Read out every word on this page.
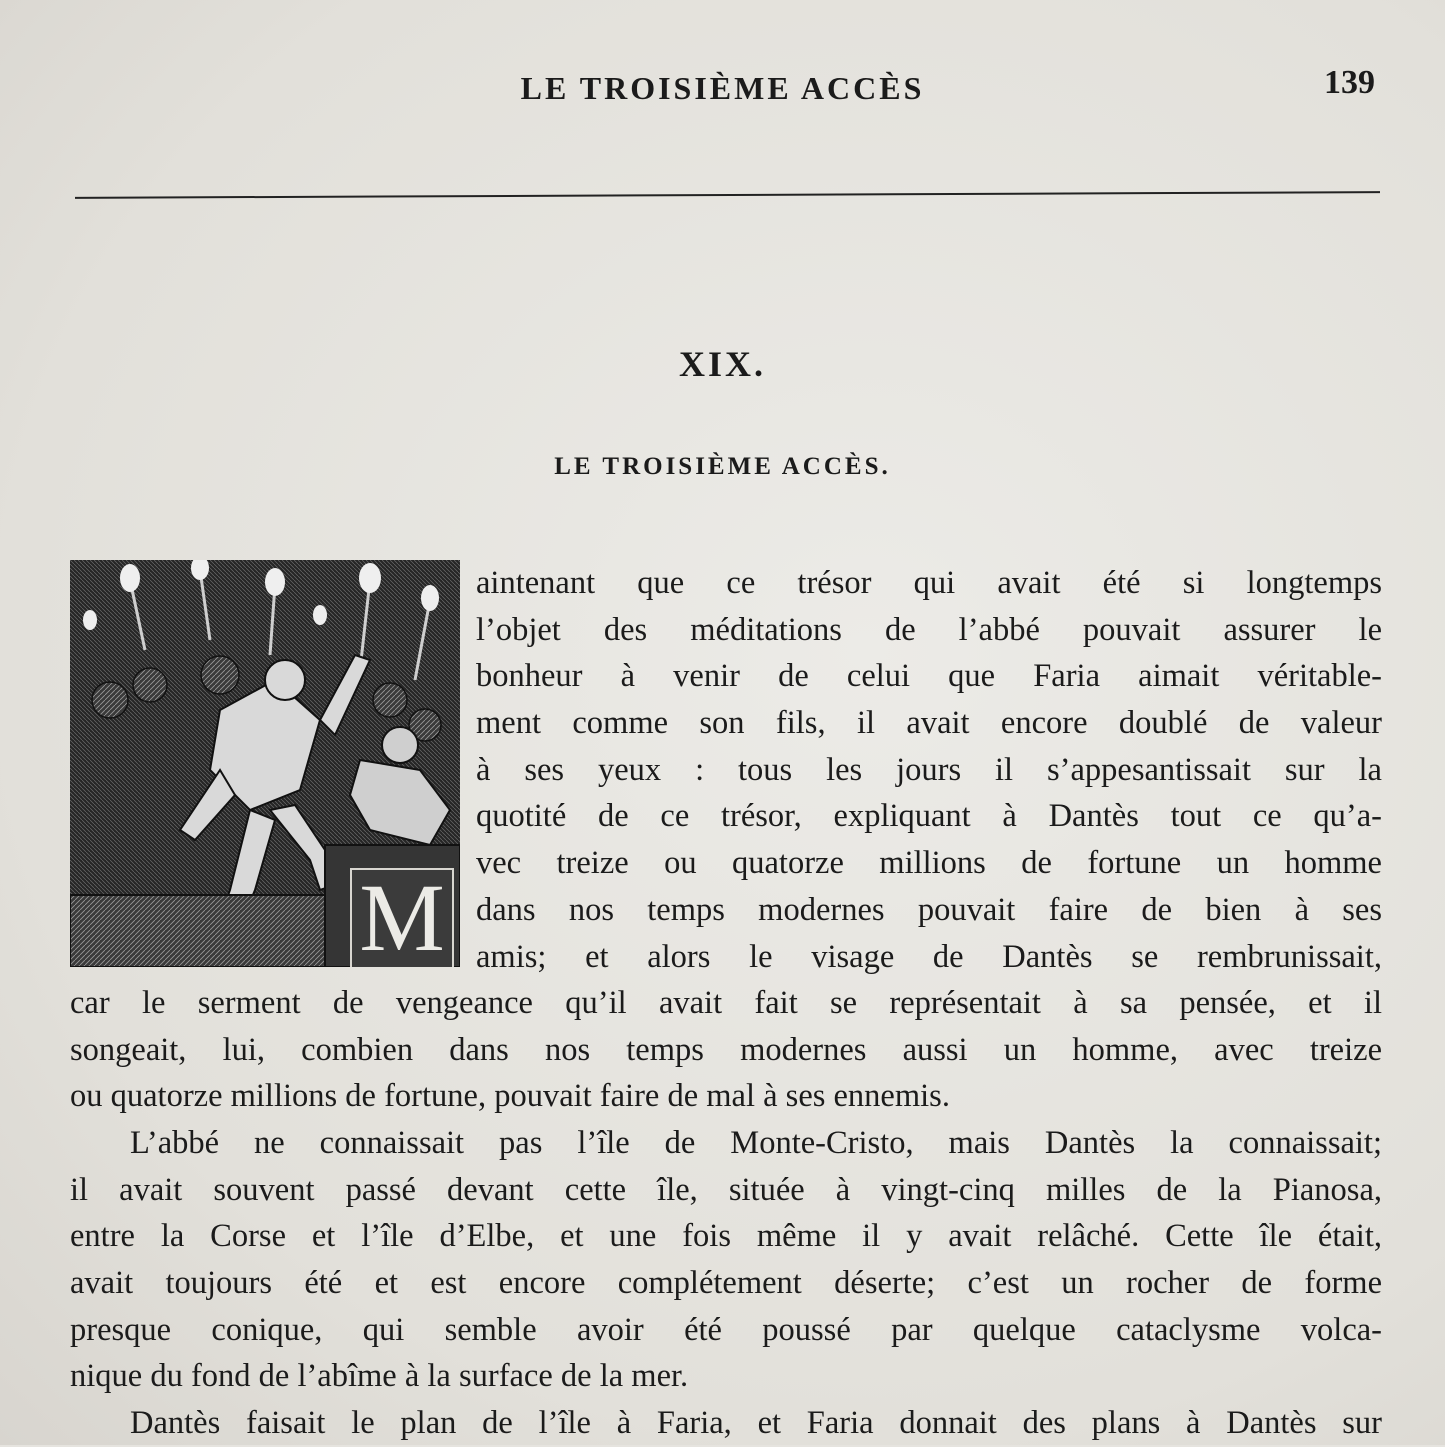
LE TROISIÈME ACCÈS	139
XIX.
LE TROISIÈME ACCÈS.
M
aintenant que ce trésor qui avait été si longtemps
l’objet des méditations de l’abbé pouvait assurer le
bonheur à venir de celui que Faria aimait véritable-
ment comme son fils, il avait encore doublé de valeur
à ses yeux : tous les jours il s’appesantissait sur la
quotité de ce trésor, expliquant à Dantès tout ce qu’a-
vec treize ou quatorze millions de fortune un homme
dans nos temps modernes pouvait faire de bien à ses
amis; et alors le visage de Dantès se rembrunissait,
car le serment de vengeance qu’il avait fait se représentait à sa pensée, et il
songeait, lui, combien dans nos temps modernes aussi un homme, avec treize
ou quatorze millions de fortune, pouvait faire de mal à ses ennemis.
L’abbé ne connaissait pas l’île de Monte-Cristo, mais Dantès la connaissait;
il avait souvent passé devant cette île, située à vingt-cinq milles de la Pianosa,
entre la Corse et l’île d’Elbe, et une fois même il y avait relâché. Cette île était,
avait toujours été et est encore complétement déserte; c’est un rocher de forme
presque conique, qui semble avoir été poussé par quelque cataclysme volca-
nique du fond de l’abîme à la surface de la mer.
Dantès faisait le plan de l’île à Faria, et Faria donnait des plans à Dantès sur
